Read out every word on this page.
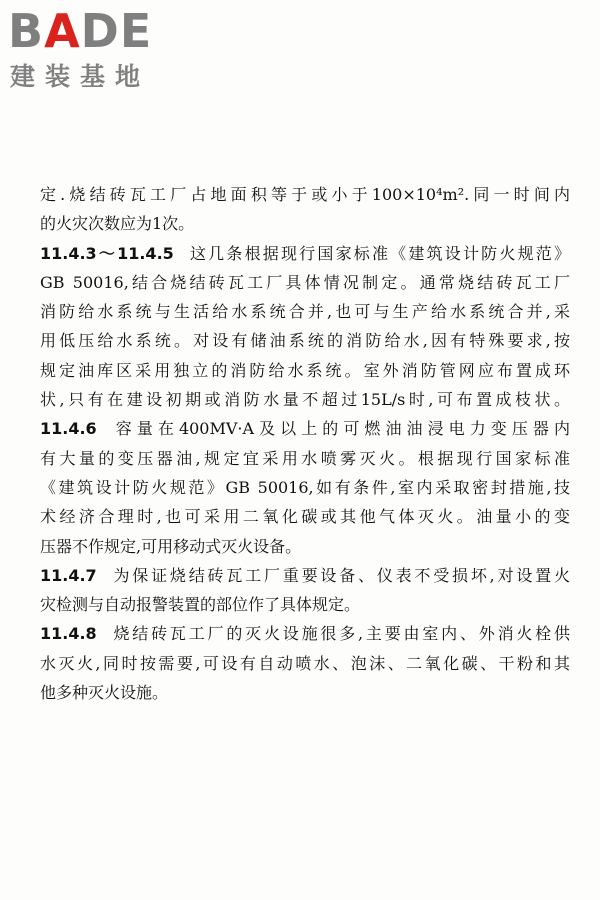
BADE
建装基地
定.烧结砖瓦工厂占地面积等于或小于100×10⁴m².同一时间内
的火灾次数应为1次。
11.4.3～11.4.5 这几条根据现行国家标准《建筑设计防火规范》
GB 50016,结合烧结砖瓦工厂具体情况制定。通常烧结砖瓦工厂
消防给水系统与生活给水系统合并,也可与生产给水系统合并,采
用低压给水系统。对设有储油系统的消防给水,因有特殊要求,按
规定油库区采用独立的消防给水系统。室外消防管网应布置成环
状,只有在建设初期或消防水量不超过15L/s时,可布置成枝状。
11.4.6 容量在400MV·A及以上的可燃油油浸电力变压器内
有大量的变压器油,规定宜采用水喷雾灭火。根据现行国家标准
《建筑设计防火规范》GB 50016,如有条件,室内采取密封措施,技
术经济合理时,也可采用二氧化碳或其他气体灭火。油量小的变
压器不作规定,可用移动式灭火设备。
11.4.7 为保证烧结砖瓦工厂重要设备、仪表不受损坏,对设置火
灾检测与自动报警装置的部位作了具体规定。
11.4.8 烧结砖瓦工厂的灭火设施很多,主要由室内、外消火栓供
水灭火,同时按需要,可设有自动喷水、泡沫、二氧化碳、干粉和其
他多种灭火设施。
